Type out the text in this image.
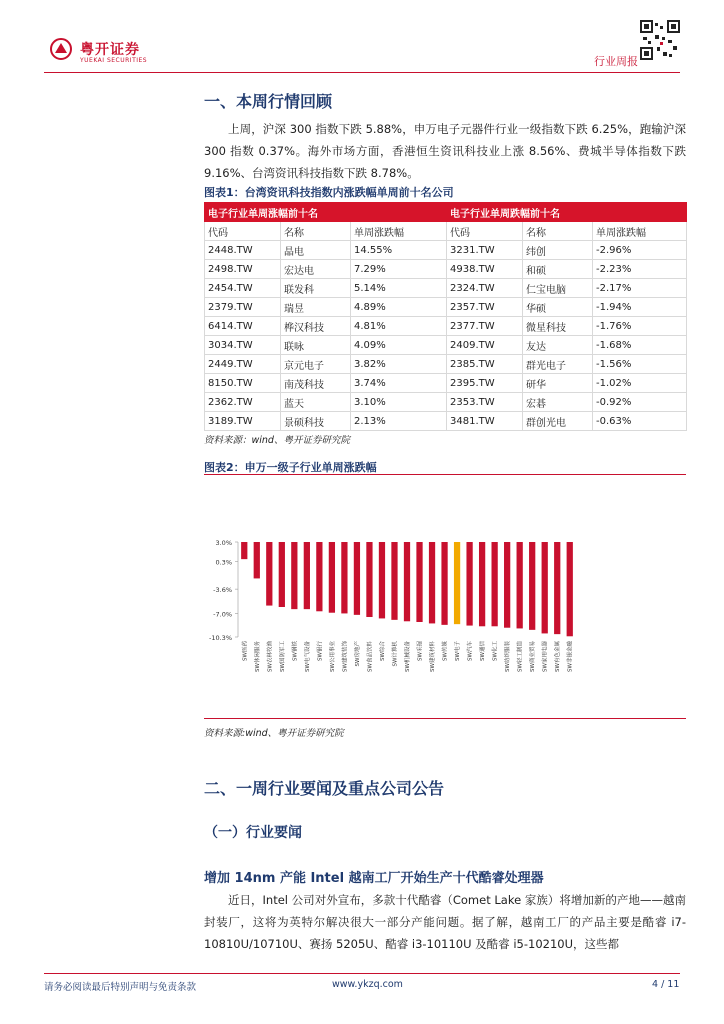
粤开证券
YUEKAI SECURITIES	行业周报
一、本周行情回顾
上周，沪深 300 指数下跌 5.88%，申万电子元器件行业一级指数下跌 6.25%，跑输沪深 300 指数 0.37%。海外市场方面，香港恒生资讯科技业上涨 8.56%、费城半导体指数下跌 9.16%、台湾资讯科技指数下跌 8.78%。
图表1：台湾资讯科技指数内涨跌幅单周前十名公司
电子行业单周涨幅前十名			电子行业单周跌幅前十名		
代码	名称	单周涨跌幅	代码	名称	单周涨跌幅
2448.TW	晶电	14.55%	3231.TW	纬创	-2.96%
2498.TW	宏达电	7.29%	4938.TW	和硕	-2.23%
2454.TW	联发科	5.14%	2324.TW	仁宝电脑	-2.17%
2379.TW	瑞昱	4.89%	2357.TW	华硕	-1.94%
6414.TW	桦汉科技	4.81%	2377.TW	微星科技	-1.76%
3034.TW	联咏	4.09%	2409.TW	友达	-1.68%
2449.TW	京元电子	3.82%	2385.TW	群光电子	-1.56%
8150.TW	南茂科技	3.74%	2395.TW	研华	-1.02%
2362.TW	蓝天	3.10%	2353.TW	宏碁	-0.92%
3189.TW	景硕科技	2.13%	3481.TW	群创光电	-0.63%
资料来源：wind、粤开证券研究院
图表2：申万一级子行业单周涨跌幅
3.0%
0.3%
-3.6%
-7.0%
-10.3%
SW医药	SW休闲服务	SW农林牧渔	SW国防军工	SW钢铁	SW电气设备	SW银行	SW公用事业	SW建筑装饰	SW房地产	SW食品饮料	SW综合	SW计算机	SW机械设备	SW采掘	SW建筑材料	SW传媒	SW电子	SW汽车	SW通信	SW化工	SW纺织服装	SW轻工制造	SW商业贸易	SW家用电器	SW有色金属	SW非银金融
资料来源:wind、粤开证券研究院
二、一周行业要闻及重点公司公告
（一）行业要闻
增加 14nm 产能 Intel 越南工厂开始生产十代酷睿处理器
近日，Intel 公司对外宣布，多款十代酷睿（Comet Lake 家族）将增加新的产地——越南封装厂，这将为英特尔解决很大一部分产能问题。据了解，越南工厂的产品主要是酷睿 i7-10810U/10710U、赛扬 5205U、酷睿 i3-10110U 及酷睿 i5-10210U，这些都
请务必阅读最后特别声明与免责条款	www.ykzq.com	4 / 11
